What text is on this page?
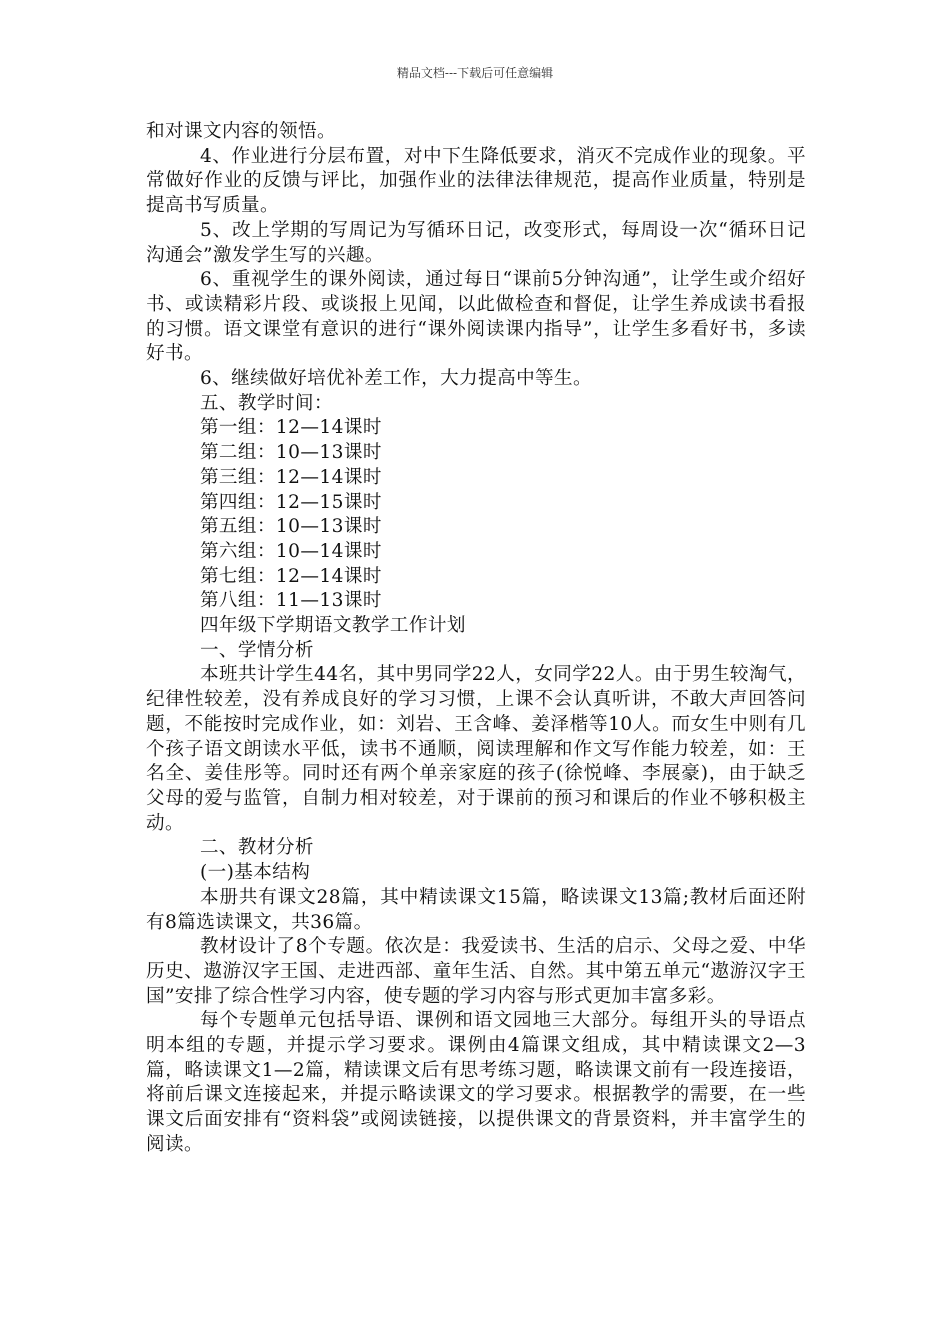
精品文档---下载后可任意编辑

和对课文内容的领悟。

4、作业进行分层布置，对中下生降低要求，消灭不完成作业的现象。平常做好作业的反馈与评比，加强作业的法律法律规范，提高作业质量，特别是提高书写质量。

5、改上学期的写周记为写循环日记，改变形式，每周设一次“循环日记沟通会”激发学生写的兴趣。

6、重视学生的课外阅读，通过每日“课前5分钟沟通”，让学生或介绍好书、或读精彩片段、或谈报上见闻，以此做检查和督促，让学生养成读书看报的习惯。语文课堂有意识的进行“课外阅读课内指导”，让学生多看好书，多读好书。

6、继续做好培优补差工作，大力提高中等生。

五、教学时间：

第一组：12—14课时

第二组：10—13课时

第三组：12—14课时

第四组：12—15课时

第五组：10—13课时

第六组：10—14课时

第七组：12—14课时

第八组：11—13课时

四年级下学期语文教学工作计划

一、学情分析

本班共计学生44名，其中男同学22人，女同学22人。由于男生较淘气，纪律性较差，没有养成良好的学习习惯，上课不会认真听讲，不敢大声回答问题，不能按时完成作业，如：刘岩、王含峰、姜泽楷等10人。而女生中则有几个孩子语文朗读水平低，读书不通顺，阅读理解和作文写作能力较差，如：王名全、姜佳彤等。同时还有两个单亲家庭的孩子(徐悦峰、李展豪)，由于缺乏父母的爱与监管，自制力相对较差，对于课前的预习和课后的作业不够积极主动。

二、教材分析

(一)基本结构

本册共有课文28篇，其中精读课文15篇，略读课文13篇;教材后面还附有8篇选读课文，共36篇。

教材设计了8个专题。依次是：我爱读书、生活的启示、父母之爱、中华历史、遨游汉字王国、走进西部、童年生活、自然。其中第五单元“遨游汉字王国”安排了综合性学习内容，使专题的学习内容与形式更加丰富多彩。

每个专题单元包括导语、课例和语文园地三大部分。每组开头的导语点明本组的专题，并提示学习要求。课例由4篇课文组成，其中精读课文2—3篇，略读课文1—2篇，精读课文后有思考练习题，略读课文前有一段连接语，将前后课文连接起来，并提示略读课文的学习要求。根据教学的需要，在一些课文后面安排有“资料袋”或阅读链接，以提供课文的背景资料，并丰富学生的阅读。
